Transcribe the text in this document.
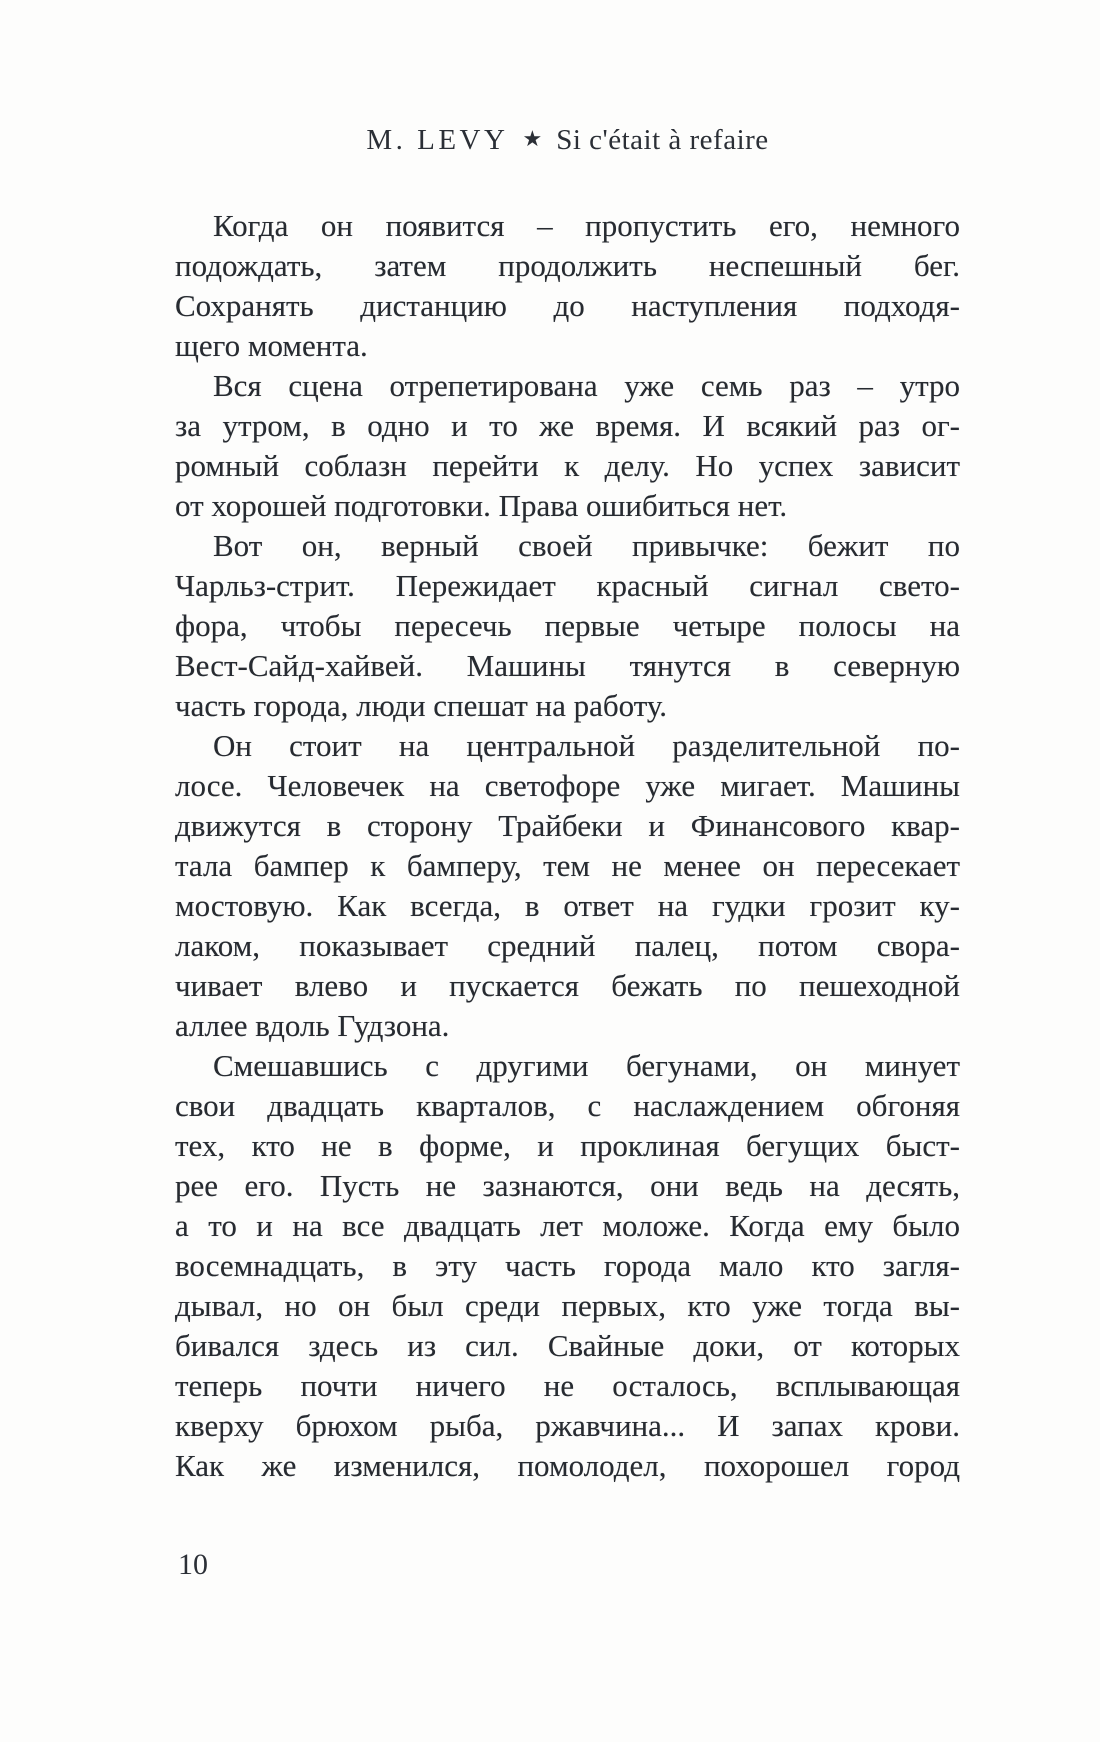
M. LEVY ★ Si c'était à refaire

Когда он появится – пропустить его, немного
подождать, затем продолжить неспешный бег.
Сохранять дистанцию до наступления подходя-
щего момента.

Вся сцена отрепетирована уже семь раз – утро
за утром, в одно и то же время. И всякий раз ог-
ромный соблазн перейти к делу. Но успех зависит
от хорошей подготовки. Права ошибиться нет.

Вот он, верный своей привычке: бежит по
Чарльз-стрит. Пережидает красный сигнал свето-
фора, чтобы пересечь первые четыре полосы на
Вест-Сайд-хайвей. Машины тянутся в северную
часть города, люди спешат на работу.

Он стоит на центральной разделительной по-
лосе. Человечек на светофоре уже мигает. Машины
движутся в сторону Трайбеки и Финансового квар-
тала бампер к бамперу, тем не менее он пересекает
мостовую. Как всегда, в ответ на гудки грозит ку-
лаком, показывает средний палец, потом свора-
чивает влево и пускается бежать по пешеходной
аллее вдоль Гудзона.

Смешавшись с другими бегунами, он минует
свои двадцать кварталов, с наслаждением обгоняя
тех, кто не в форме, и проклиная бегущих быст-
рее его. Пусть не зазнаются, они ведь на десять,
а то и на все двадцать лет моложе. Когда ему было
восемнадцать, в эту часть города мало кто загля-
дывал, но он был среди первых, кто уже тогда вы-
бивался здесь из сил. Свайные доки, от которых
теперь почти ничего не осталось, всплывающая
кверху брюхом рыба, ржавчина... И запах крови.
Как же изменился, помолодел, похорошел город

10
